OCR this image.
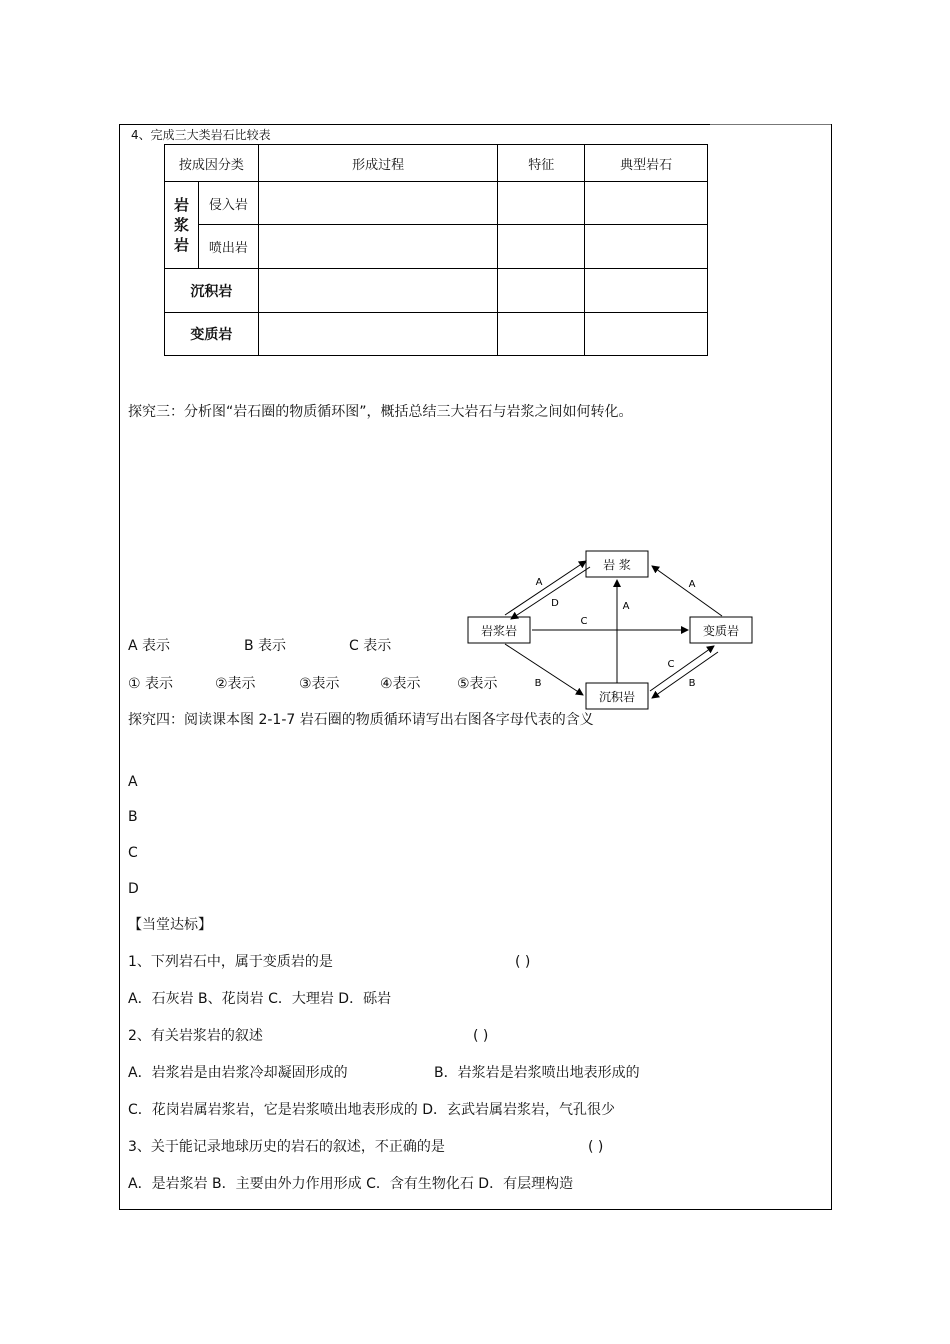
4、完成三大类岩石比较表
按成因分类		形成过程	特征	典型岩石

岩
浆
岩	侵入岩			
	喷出岩			
沉积岩				
变质岩				
探究三：分析图“岩石圈的物质循环图”，概括总结三大岩石与岩浆之间如何转化。
岩 浆
岩浆岩	变质岩
沉积岩
A
D
C
A
A
B
C
B
A 表示	B 表示	C 表示
① 表示	②表示	③表示	④表示	⑤表示
探究四：阅读课本图 2-1-7 岩石圈的物质循环请写出右图各字母代表的含义
A
B
C
D
【当堂达标】
1、下列岩石中，属于变质岩的是	( )
A．石灰岩 B、花岗岩 C．大理岩 D．砾岩
2、有关岩浆岩的叙述	( )
A．岩浆岩是由岩浆冷却凝固形成的	B．岩浆岩是岩浆喷出地表形成的
C．花岗岩属岩浆岩，它是岩浆喷出地表形成的 D．玄武岩属岩浆岩，气孔很少
3、关于能记录地球历史的岩石的叙述，不正确的是	( )
A．是岩浆岩 B．主要由外力作用形成 C．含有生物化石 D．有层理构造
